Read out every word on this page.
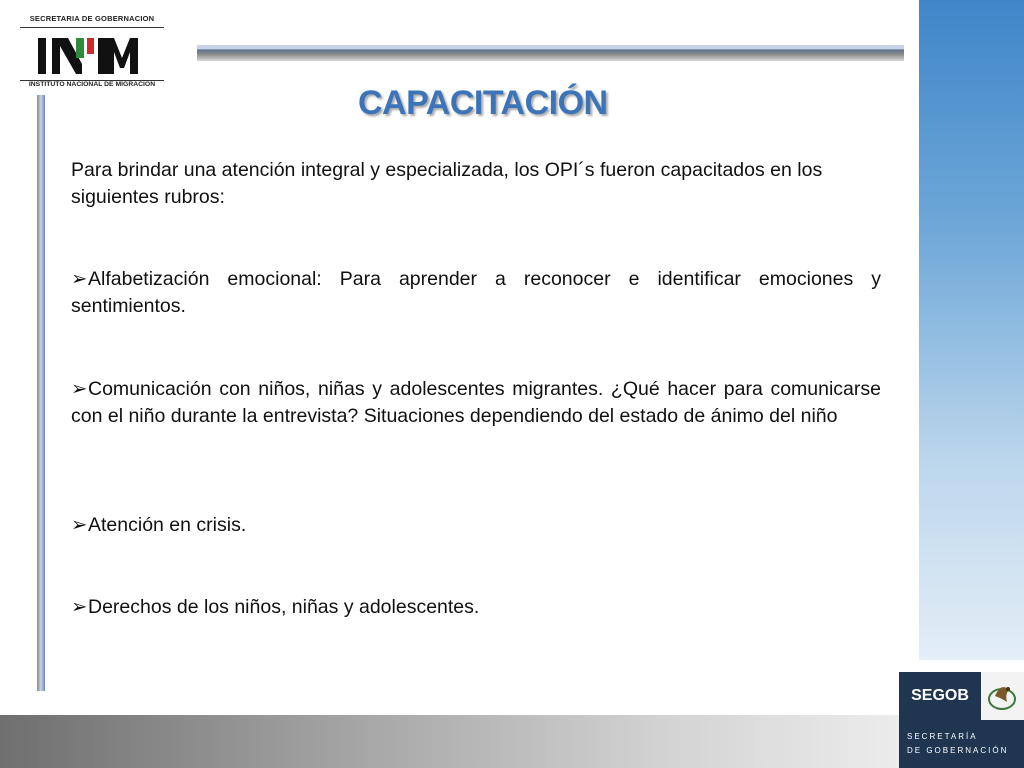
SECRETARIA DE GOBERNACION
INSTITUTO NACIONAL DE MIGRACION	CAPACITACIÓN
Para brindar una atención integral y especializada, los OPI´s fueron capacitados en los siguientes rubros:
➢Alfabetización emocional: Para aprender a reconocer e identificar emociones y sentimientos.
➢Comunicación con niños, niñas y adolescentes migrantes. ¿Qué hacer para comunicarse con el niño durante la entrevista? Situaciones dependiendo del estado de ánimo del niño
➢Atención en crisis.
➢Derechos de los niños, niñas y adolescentes.
SEGOB
SECRETARÍA
DE GOBERNACIÓN
